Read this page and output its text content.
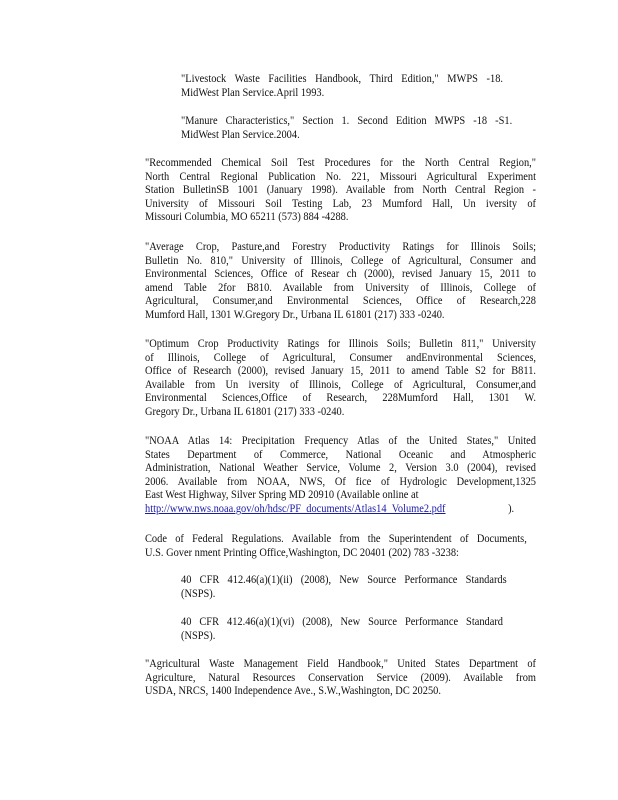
"Livestock Waste Facilities Handbook, Third Edition," MWPS -18.
MidWest Plan Service.April 1993.

"Manure Characteristics," Section 1. Second Edition MWPS -18 -S1.
MidWest Plan Service.2004.

"Recommended Chemical Soil Test Procedures for the North Central Region,"
North Central Regional Publication No. 221, Missouri Agricultural Experiment
Station BulletinSB 1001 (January 1998). Available from North Central Region -
University of Missouri Soil Testing Lab, 23 Mumford Hall, Un iversity of
Missouri Columbia, MO 65211 (573) 884 -4288.

"Average Crop, Pasture,and Forestry Productivity Ratings for Illinois Soils;
Bulletin No. 810," University of Illinois, College of Agricultural, Consumer and
Environmental Sciences, Office of Resear ch (2000), revised January 15, 2011 to
amend Table 2for B810. Available from University of Illinois, College of
Agricultural, Consumer,and Environmental Sciences, Office of Research,228
Mumford Hall, 1301 W.Gregory Dr., Urbana IL 61801 (217) 333 -0240.

"Optimum Crop Productivity Ratings for Illinois Soils; Bulletin 811," University
of Illinois, College of Agricultural, Consumer andEnvironmental Sciences,
Office of Research (2000), revised January 15, 2011 to amend Table S2 for B811.
Available from Un iversity of Illinois, College of Agricultural, Consumer,and
Environmental Sciences,Office of Research, 228Mumford Hall, 1301 W.
Gregory Dr., Urbana IL 61801 (217) 333 -0240.

"NOAA Atlas 14: Precipitation Frequency Atlas of the United States," United
States Department of Commerce, National Oceanic and Atmospheric
Administration, National Weather Service, Volume 2, Version 3.0 (2004), revised
2006. Available from NOAA, NWS, Of fice of Hydrologic Development,1325
East West Highway, Silver Spring MD 20910 (Available online at
http://www.nws.noaa.gov/oh/hdsc/PF_documents/Atlas14_Volume2.pdf	).

Code of Federal Regulations. Available from the Superintendent of Documents,
U.S. Gover nment Printing Office,Washington, DC 20401 (202) 783 -3238:

40 CFR 412.46(a)(1)(ii) (2008), New Source Performance Standards
(NSPS).

40 CFR 412.46(a)(1)(vi) (2008), New Source Performance Standard
(NSPS).

"Agricultural Waste Management Field Handbook," United States Department of
Agriculture, Natural Resources Conservation Service (2009). Available from
USDA, NRCS, 1400 Independence Ave., S.W.,Washington, DC 20250.
